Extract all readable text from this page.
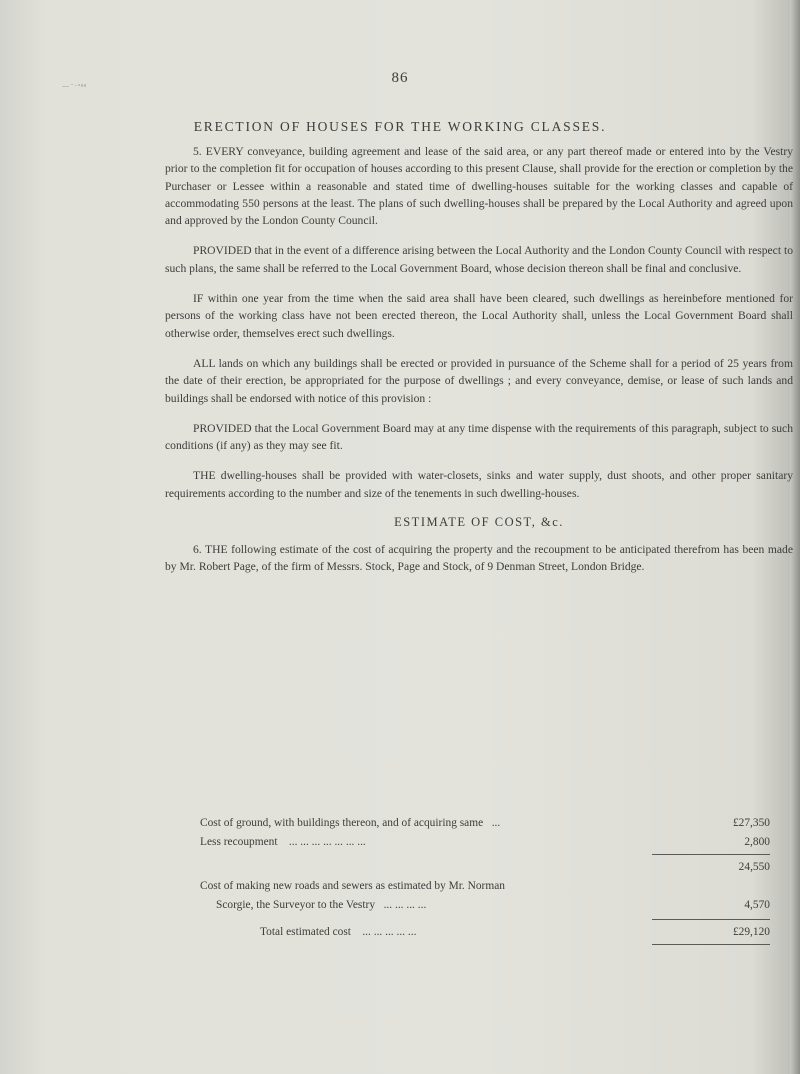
—⁻·ᵃᵍᵍ	86
ERECTION OF HOUSES FOR THE WORKING CLASSES.

5. EVERY conveyance, building agreement and lease of the said area, or any part thereof made or entered into by the Vestry prior to the completion fit for occupation of houses according to this present Clause, shall provide for the erection or completion by the Purchaser or Lessee within a reasonable and stated time of dwelling-houses suitable for the working classes and capable of accommodating 550 persons at the least. The plans of such dwelling-houses shall be prepared by the Local Authority and agreed upon and approved by the London County Council.

PROVIDED that in the event of a difference arising between the Local Authority and the London County Council with respect to such plans, the same shall be referred to the Local Government Board, whose decision thereon shall be final and conclusive.

IF within one year from the time when the said area shall have been cleared, such dwellings as hereinbefore mentioned for persons of the working class have not been erected thereon, the Local Authority shall, unless the Local Government Board shall otherwise order, themselves erect such dwellings.

ALL lands on which any buildings shall be erected or provided in pursuance of the Scheme shall for a period of 25 years from the date of their erection, be appropriated for the purpose of dwellings ; and every conveyance, demise, or lease of such lands and buildings shall be endorsed with notice of this provision :

PROVIDED that the Local Government Board may at any time dispense with the requirements of this paragraph, subject to such conditions (if any) as they may see fit.

THE dwelling-houses shall be provided with water-closets, sinks and water supply, dust shoots, and other proper sanitary requirements according to the number and size of the tenements in such dwelling-houses.

ESTIMATE OF COST, &c.

6. THE following estimate of the cost of acquiring the property and the recoupment to be anticipated therefrom has been made by Mr. Robert Page, of the firm of Messrs. Stock, Page and Stock, of 9 Denman Street, London Bridge.

Cost of ground, with buildings thereon, and of acquiring same ...	£27,350
Less recoupment ... ... ... ... ... ... ...	2,800
24,550
Cost of making new roads and sewers as estimated by Mr. Norman
Scorgie, the Surveyor to the Vestry ... ... ... ...	4,570
Total estimated cost ... ... ... ... ...	£29,120
